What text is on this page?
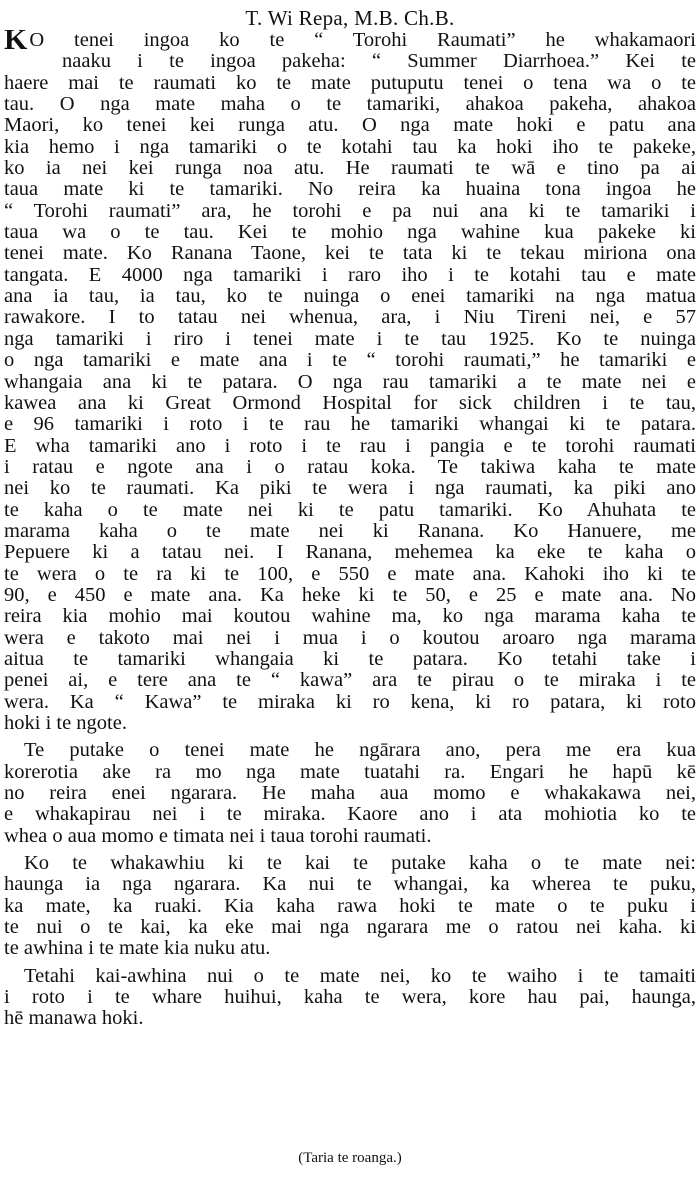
T. Wi Repa, M.B. Ch.B.
KO tenei ingoa ko te “ Torohi Raumati” he whakamaori
naaku i te ingoa pakeha: “ Summer Diarrhoea.” Kei te
haere mai te raumati ko te mate putuputu tenei o tena wa o te
tau. O nga mate maha o te tamariki, ahakoa pakeha, ahakoa
Maori, ko tenei kei runga atu. O nga mate hoki e patu ana
kia hemo i nga tamariki o te kotahi tau ka hoki iho te pakeke,
ko ia nei kei runga noa atu. He raumati te wā e tino pa ai
taua mate ki te tamariki. No reira ka huaina tona ingoa he
“ Torohi raumati” ara, he torohi e pa nui ana ki te tamariki i
taua wa o te tau. Kei te mohio nga wahine kua pakeke ki
tenei mate. Ko Ranana Taone, kei te tata ki te tekau miriona ona
tangata. E 4000 nga tamariki i raro iho i te kotahi tau e mate
ana ia tau, ia tau, ko te nuinga o enei tamariki na nga matua
rawakore. I to tatau nei whenua, ara, i Niu Tireni nei, e 57
nga tamariki i riro i tenei mate i te tau 1925. Ko te nuinga
o nga tamariki e mate ana i te “ torohi raumati,” he tamariki e
whangaia ana ki te patara. O nga rau tamariki a te mate nei e
kawea ana ki Great Ormond Hospital for sick children i te tau,
e 96 tamariki i roto i te rau he tamariki whangai ki te patara.
E wha tamariki ano i roto i te rau i pangia e te torohi raumati
i ratau e ngote ana i o ratau koka. Te takiwa kaha te mate
nei ko te raumati. Ka piki te wera i nga raumati, ka piki ano
te kaha o te mate nei ki te patu tamariki. Ko Ahuhata te
marama kaha o te mate nei ki Ranana. Ko Hanuere, me
Pepuere ki a tatau nei. I Ranana, mehemea ka eke te kaha o
te wera o te ra ki te 100, e 550 e mate ana. Kahoki iho ki te
90, e 450 e mate ana. Ka heke ki te 50, e 25 e mate ana. No
reira kia mohio mai koutou wahine ma, ko nga marama kaha te
wera e takoto mai nei i mua i o koutou aroaro nga marama
aitua te tamariki whangaia ki te patara. Ko tetahi take i
penei ai, e tere ana te “ kawa” ara te pirau o te miraka i te
wera. Ka “ Kawa” te miraka ki ro kena, ki ro patara, ki roto
hoki i te ngote.
Te putake o tenei mate he ngārara ano, pera me era kua
korerotia ake ra mo nga mate tuatahi ra. Engari he hapū kē
no reira enei ngarara. He maha aua momo e whakakawa nei,
e whakapirau nei i te miraka. Kaore ano i ata mohiotia ko te
whea o aua momo e timata nei i taua torohi raumati.
Ko te whakawhiu ki te kai te putake kaha o te mate nei:
haunga ia nga ngarara. Ka nui te whangai, ka wherea te puku,
ka mate, ka ruaki. Kia kaha rawa hoki te mate o te puku i
te nui o te kai, ka eke mai nga ngarara me o ratou nei kaha. ki
te awhina i te mate kia nuku atu.
Tetahi kai-awhina nui o te mate nei, ko te waiho i te tamaiti
i roto i te whare huihui, kaha te wera, kore hau pai, haunga,
hē manawa hoki.
(Taria te roanga.)
